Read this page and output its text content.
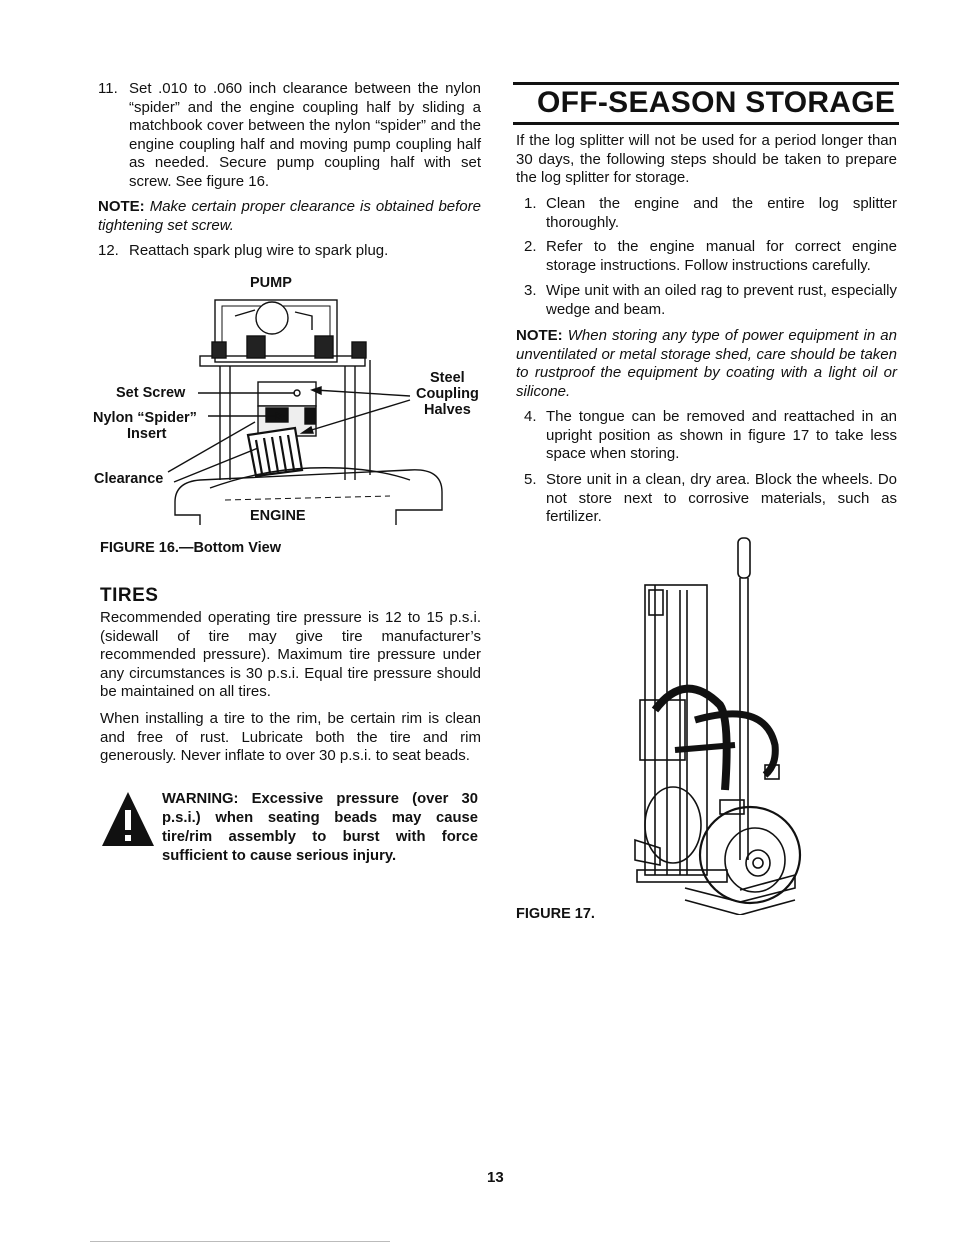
11. Set .010 to .060 inch clearance between the nylon “spider” and the engine coupling half by sliding a matchbook cover between the nylon “spider” and the engine coupling half and moving pump coupling half as needed. Secure pump coupling half with set screw. See figure 16.
NOTE: Make certain proper clearance is obtained before tightening set screw.
12. Reattach spark plug wire to spark plug.
PUMP
Set Screw
Nylon “Spider”
Insert
Clearance
Steel
Coupling
Halves
ENGINE
FIGURE 16.—Bottom View
TIRES
Recommended operating tire pressure is 12 to 15 p.s.i. (sidewall of tire may give tire manufacturer’s recommended pressure). Maximum tire pressure under any circumstances is 30 p.s.i. Equal tire pressure should be maintained on all tires.
When installing a tire to the rim, be certain rim is clean and free of rust. Lubricate both the tire and rim generously. Never inflate to over 30 p.s.i. to seat beads.
WARNING: Excessive pressure (over 30 p.s.i.) when seating beads may cause tire/rim assembly to burst with force sufficient to cause serious injury.
OFF-SEASON STORAGE
If the log splitter will not be used for a period longer than 30 days, the following steps should be taken to prepare the log splitter for storage.
1. Clean the engine and the entire log splitter thoroughly.
2. Refer to the engine manual for correct engine storage instructions. Follow instructions carefully.
3. Wipe unit with an oiled rag to prevent rust, especially wedge and beam.
NOTE: When storing any type of power equipment in an unventilated or metal storage shed, care should be taken to rustproof the equipment by coating with a light oil or silicone.
4. The tongue can be removed and reattached in an upright position as shown in figure 17 to take less space when storing.
5. Store unit in a clean, dry area. Block the wheels. Do not store next to corrosive materials, such as fertilizer.
FIGURE 17.
13
